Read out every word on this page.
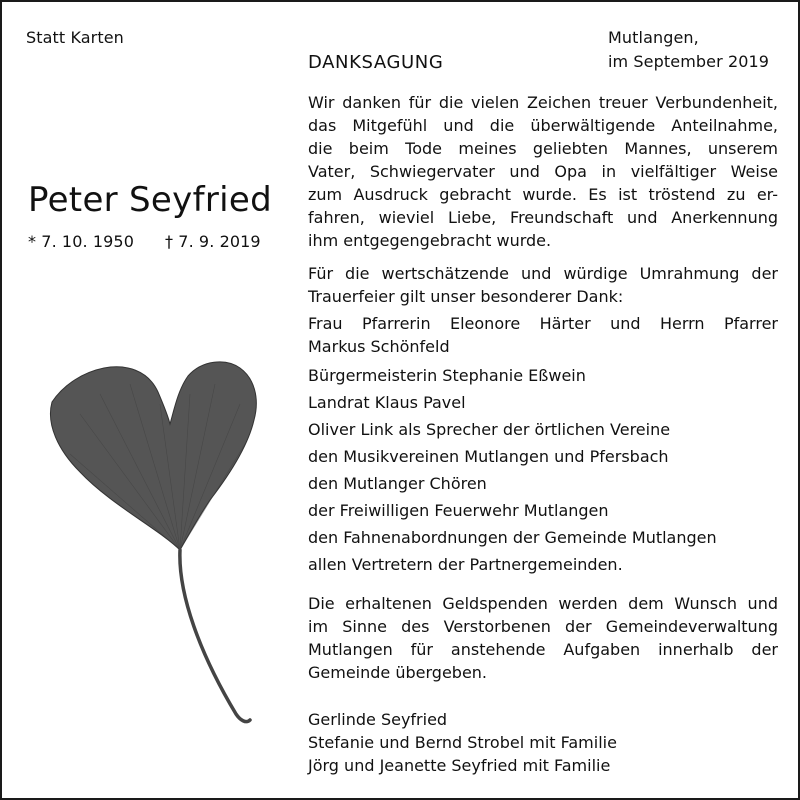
Statt Karten	Mutlangen,
im September 2019
DANKSAGUNG
Peter Seyfried
* 7. 10. 1950 † 7. 9. 2019
Wir danken für die vielen Zeichen treuer Verbundenheit,
das Mitgefühl und die überwältigende Anteilnahme,
die beim Tode meines geliebten Mannes, unserem
Vater, Schwiegervater und Opa in vielfältiger Weise
zum Ausdruck gebracht wurde. Es ist tröstend zu er-
fahren, wieviel Liebe, Freundschaft und Anerkennung
ihm entgegengebracht wurde.
Für die wertschätzende und würdige Umrahmung der
Trauerfeier gilt unser besonderer Dank:
Frau Pfarrerin Eleonore Härter und Herrn Pfarrer
Markus Schönfeld
Bürgermeisterin Stephanie Eßwein
Landrat Klaus Pavel
Oliver Link als Sprecher der örtlichen Vereine
den Musikvereinen Mutlangen und Pfersbach
den Mutlanger Chören
der Freiwilligen Feuerwehr Mutlangen
den Fahnenabordnungen der Gemeinde Mutlangen
allen Vertretern der Partnergemeinden.
Die erhaltenen Geldspenden werden dem Wunsch und
im Sinne des Verstorbenen der Gemeindeverwaltung
Mutlangen für anstehende Aufgaben innerhalb der
Gemeinde übergeben.
Gerlinde Seyfried
Stefanie und Bernd Strobel mit Familie
Jörg und Jeanette Seyfried mit Familie
